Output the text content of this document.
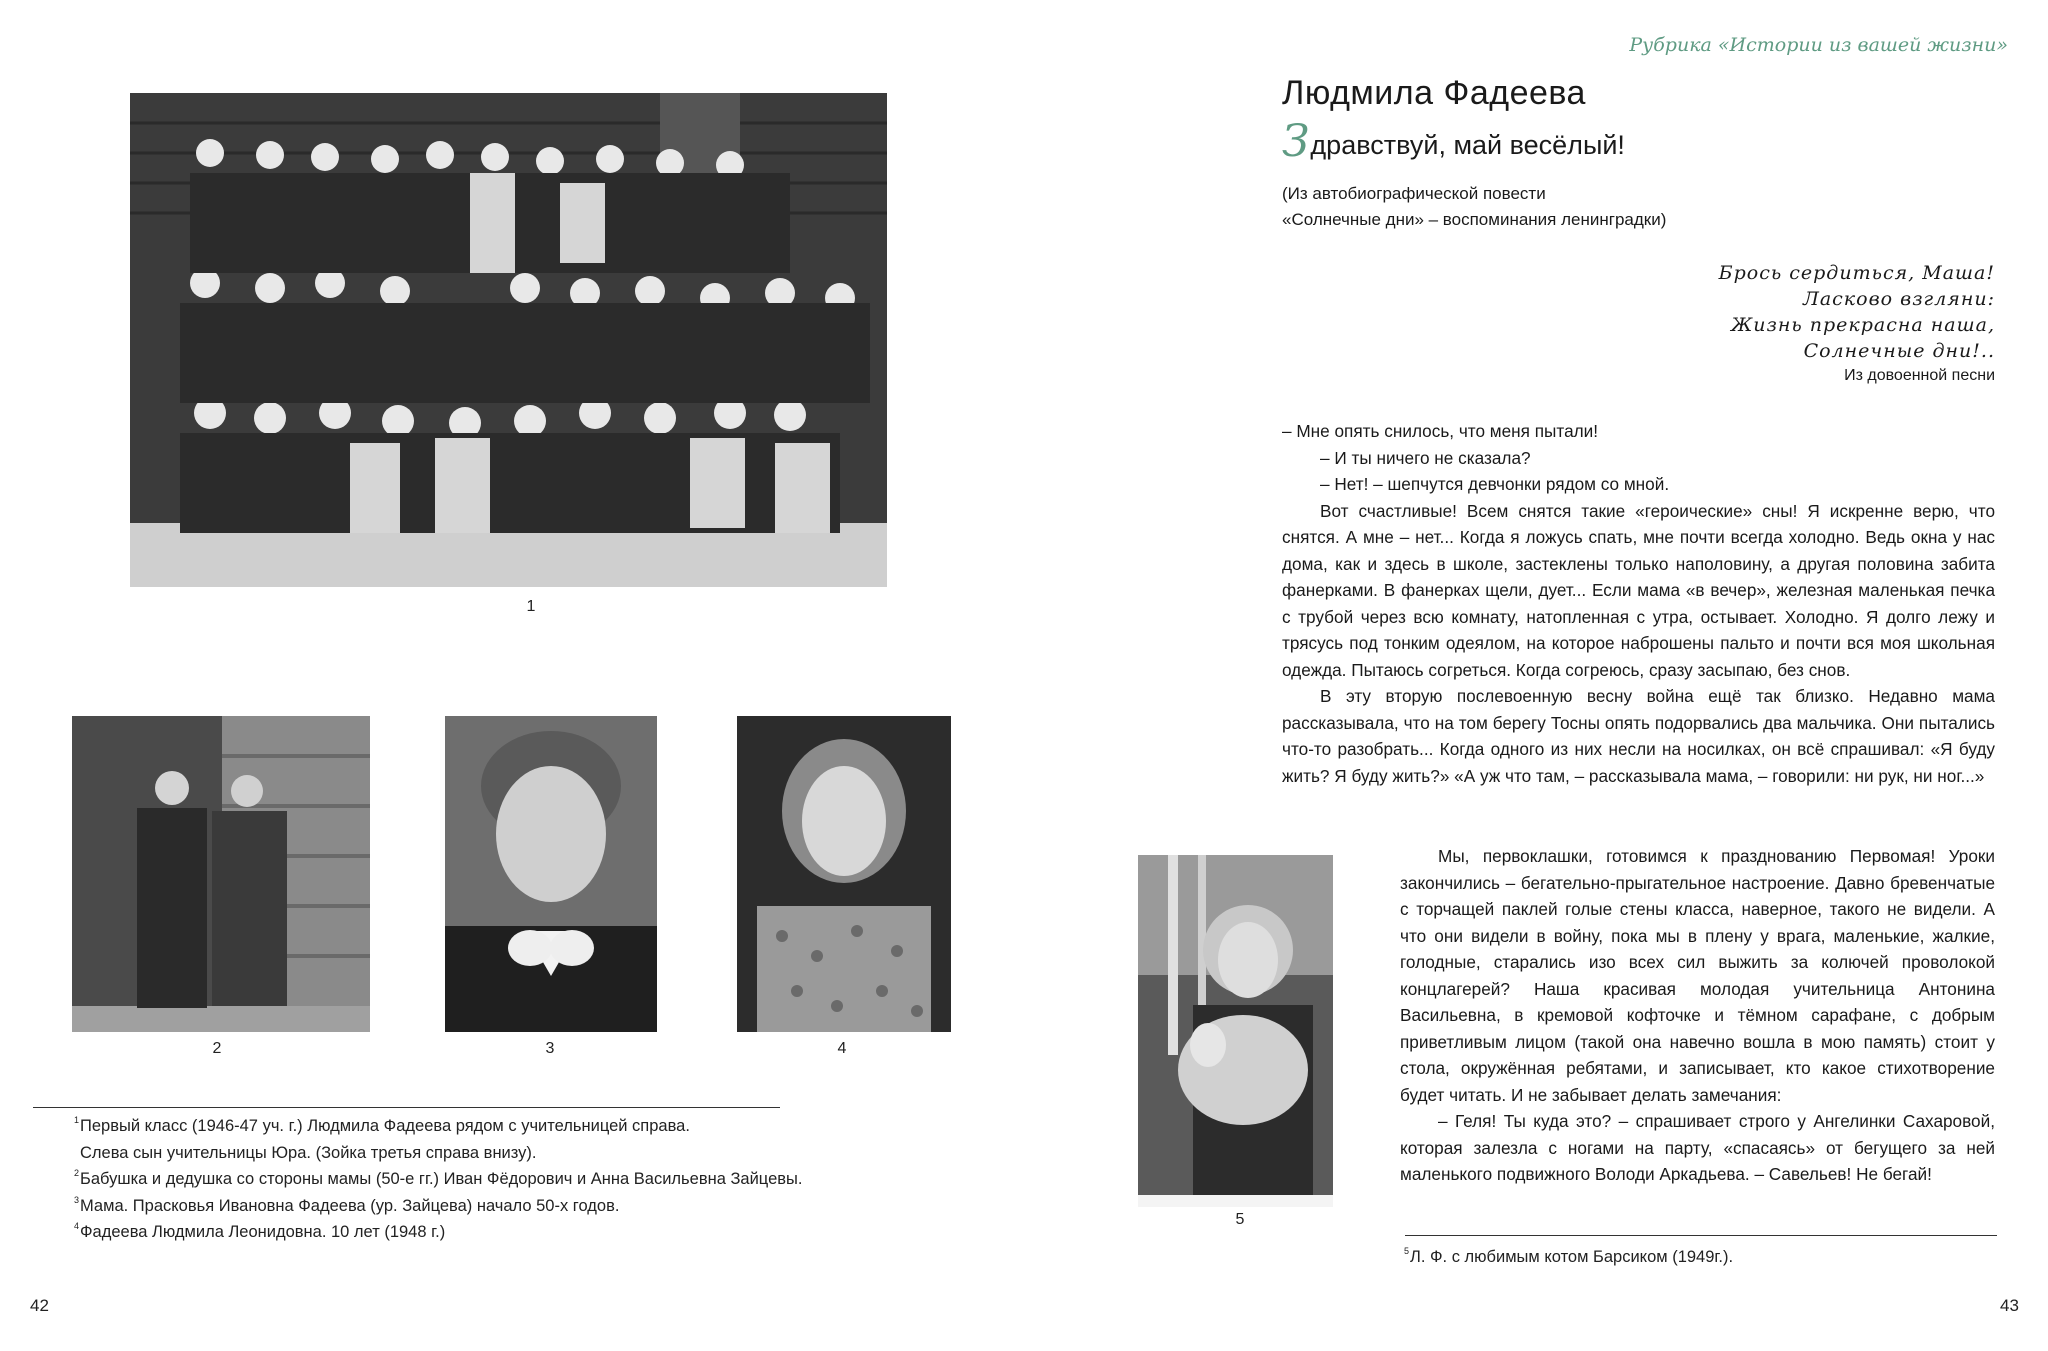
1
2	3	4
1 Первый класс (1946-47 уч. г.) Людмила Фадеева рядом с учительницей справа.
Слева сын учительницы Юра. (Зойка третья справа внизу).
2 Бабушка и дедушка со стороны мамы (50-е гг.) Иван Фёдорович и Анна Васильевна Зайцевы.
3 Мама. Прасковья Ивановна Фадеева (ур. Зайцева) начало 50-х годов.
4 Фадеева Людмила Леонидовна. 10 лет (1948 г.)
42
Рубрика «Истории из вашей жизни»
Людмила Фадеева
Здравствуй, май весёлый!
(Из автобиографической повести
«Солнечные дни» – воспоминания ленинградки)
Брось сердиться, Маша!
Ласково взгляни:
Жизнь прекрасна наша,
Солнечные дни!..
Из довоенной песни

– Мне опять снилось, что меня пытали!

– И ты ничего не сказала?

– Нет! – шепчутся девчонки рядом со мной.

Вот счастливые! Всем снятся такие «героические» сны! Я искренне верю, что снятся. А мне – нет... Когда я ложусь спать, мне почти всегда холодно. Ведь окна у нас дома, как и здесь в школе, застеклены только наполовину, а другая половина забита фанерками. В фанерках щели, дует... Если мама «в вечер», железная маленькая печка с трубой через всю комнату, натопленная с утра, остывает. Холодно. Я долго лежу и трясусь под тонким одеялом, на которое наброшены пальто и почти вся моя школьная одежда. Пытаюсь согреться. Когда согреюсь, сразу засыпаю, без снов.

В эту вторую послевоенную весну война ещё так близко. Недавно мама рассказывала, что на том берегу Тосны опять подорвались два мальчика. Они пытались что-то разобрать... Когда одного из них несли на носилках, он всё спрашивал: «Я буду жить? Я буду жить?» «А уж что там, – рассказывала мама, – говорили: ни рук, ни ног...»

5

Мы, первоклашки, готовимся к празднованию Первомая! Уроки закончились – бегательно-прыгательное настроение. Давно бревенчатые с торчащей паклей голые стены класса, наверное, такого не видели. А что они видели в войну, пока мы в плену у врага, маленькие, жалкие, голодные, старались изо всех сил выжить за колючей проволокой концлагерей? Наша красивая молодая учительница Антонина Васильевна, в кремовой кофточке и тёмном сарафане, с добрым приветливым лицом (такой она навечно вошла в мою память) стоит у стола, окружённая ребятами, и записывает, кто какое стихотворение будет читать. И не забывает делать замечания:

– Геля! Ты куда это? – спрашивает строго у Ангелинки Сахаровой, которая залезла с ногами на парту, «спасаясь» от бегущего за ней маленького подвижного Володи Аркадьева. – Савельев! Не бегай!

5 Л. Ф. с любимым котом Барсиком (1949г.).
43
